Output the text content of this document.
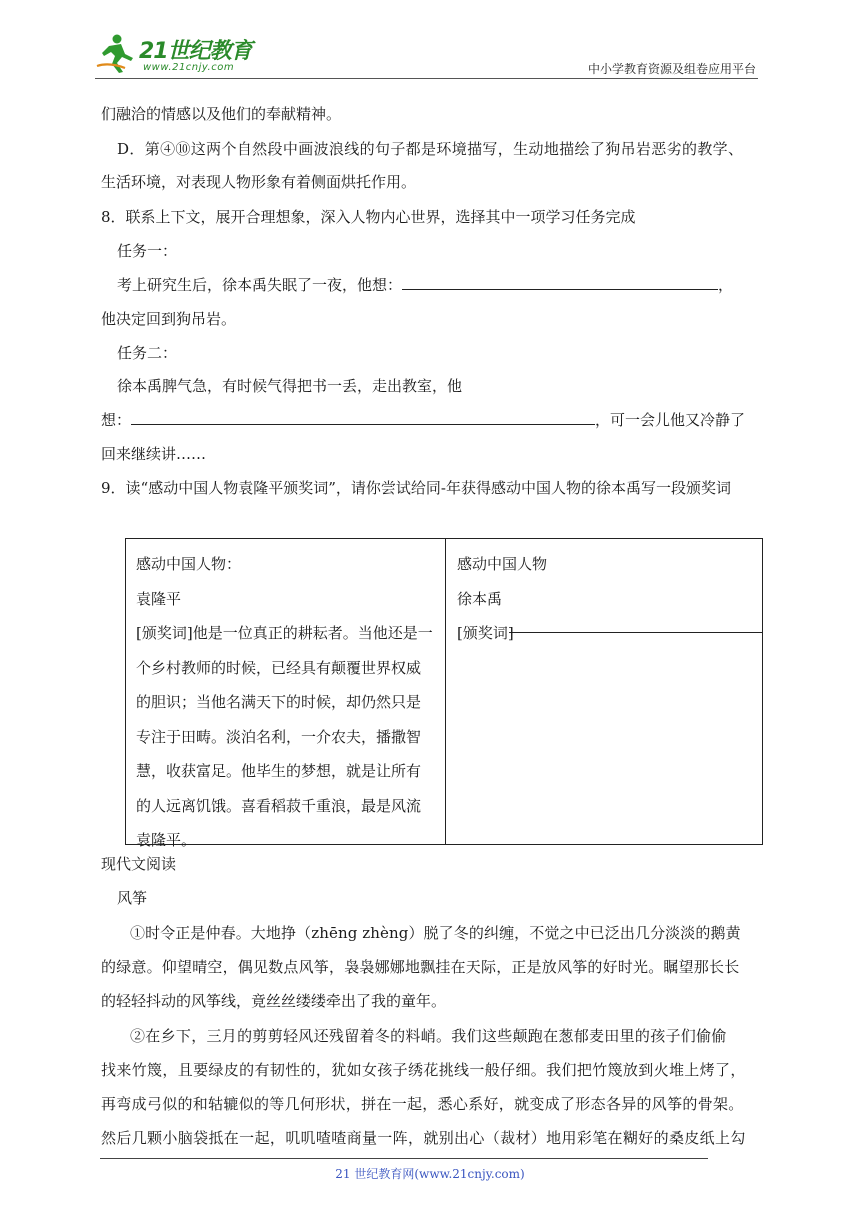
21世纪教育
www.21cnjy.com	中小学教育资源及组卷应用平台
们融洽的情感以及他们的奉献精神。
D．第④⑩这两个自然段中画波浪线的句子都是环境描写，生动地描绘了狗吊岩恶劣的教学、
生活环境，对表现人物形象有着侧面烘托作用。
8．联系上下文，展开合理想象，深入人物内心世界，选择其中一项学习任务完成
任务一：
考上研究生后，徐本禹失眠了一夜，他想：	，
他决定回到狗吊岩。
任务二：
徐本禹脾气急，有时候气得把书一丢，走出教室，他
想：	，可一会儿他又冷静了
回来继续讲……
9．读“感动中国人物袁隆平颁奖词”，请你尝试给同-年获得感动中国人物的徐本禹写一段颁奖词
感动中国人物：
袁隆平
[颁奖词]他是一位真正的耕耘者。当他还是一
个乡村教师的时候，已经具有颠覆世界权威
的胆识；当他名满天下的时候，却仍然只是
专注于田畴。淡泊名利，一介农夫，播撒智
慧，收获富足。他毕生的梦想，就是让所有
的人远离饥饿。喜看稻菽千重浪，最是风流
袁隆平。
感动中国人物
徐本禹
[颁奖词]
现代文阅读
风筝
①时令正是仲春。大地挣（zhēng zhèng）脱了冬的纠缠，不觉之中已泛出几分淡淡的鹅黄
的绿意。仰望晴空，偶见数点风筝，袅袅娜娜地飘挂在天际，正是放风筝的好时光。瞩望那长长
的轻轻抖动的风筝线，竟丝丝缕缕牵出了我的童年。
②在乡下，三月的剪剪轻风还残留着冬的料峭。我们这些颠跑在葱郁麦田里的孩子们偷偷
找来竹篾，且要绿皮的有韧性的，犹如女孩子绣花挑线一般仔细。我们把竹篾放到火堆上烤了，
再弯成弓似的和轱辘似的等几何形状，拼在一起，悉心系好，就变成了形态各异的风筝的骨架。
然后几颗小脑袋抵在一起，叽叽喳喳商量一阵，就别出心（裁材）地用彩笔在糊好的桑皮纸上勾
21 世纪教育网(www.21cnjy.com)
